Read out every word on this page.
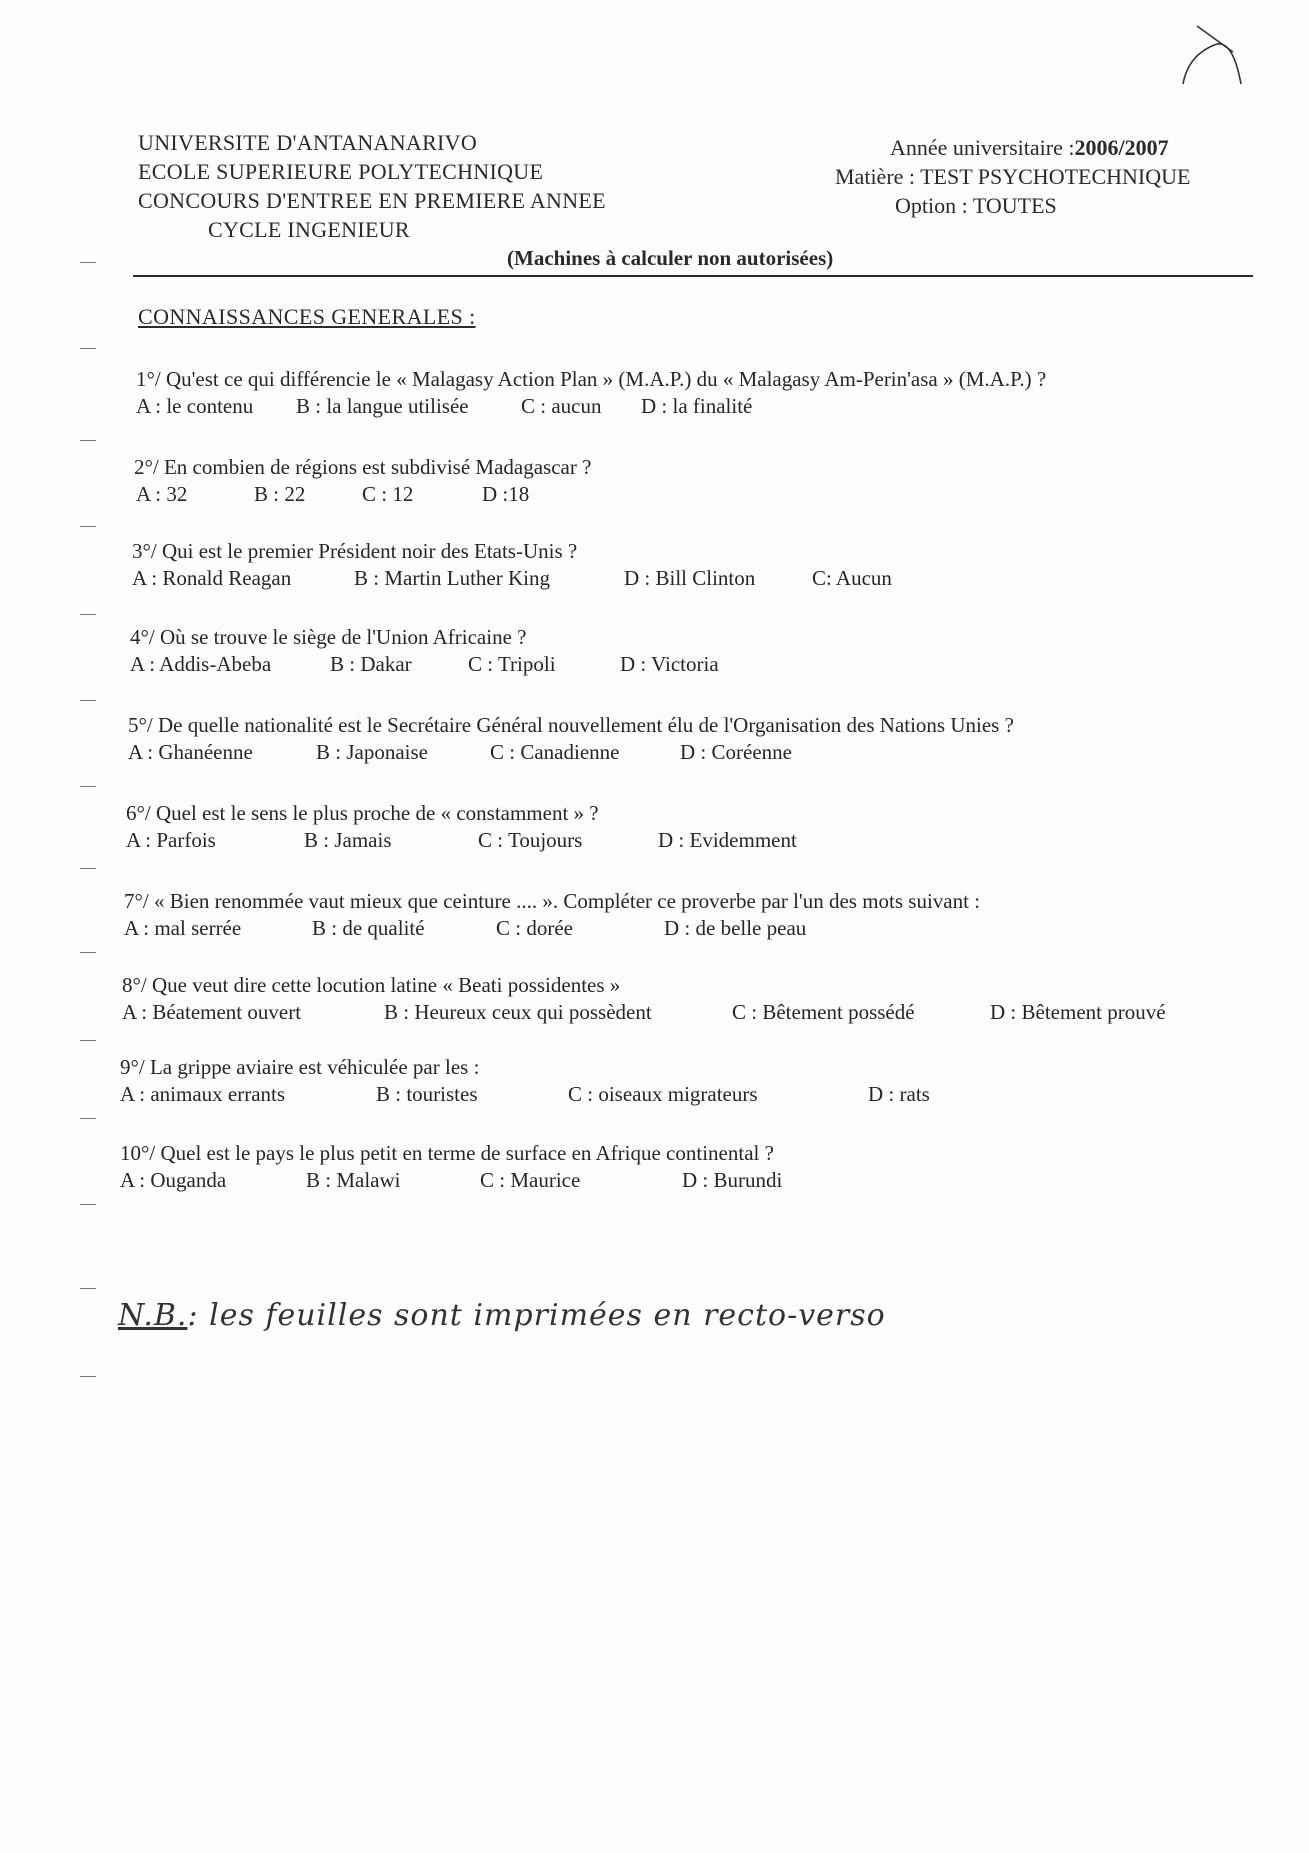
UNIVERSITE D'ANTANANARIVO
ECOLE SUPERIEURE POLYTECHNIQUE
CONCOURS D'ENTREE EN PREMIERE ANNEE
CYCLE INGENIEUR
Année universitaire :2006/2007
Matière : TEST PSYCHOTECHNIQUE
Option : TOUTES
(Machines à calculer non autorisées)
CONNAISSANCES GENERALES :
1°/ Qu'est ce qui différencie le « Malagasy Action Plan » (M.A.P.) du « Malagasy Am-Perin'asa » (M.A.P.) ?
A : le contenu B : la langue utilisée C : aucun D : la finalité
2°/ En combien de régions est subdivisé Madagascar ?
A : 32	B : 22	C : 12	D :18
3°/ Qui est le premier Président noir des Etats-Unis ?
A : Ronald Reagan	B : Martin Luther King	D : Bill Clinton	C: Aucun
4°/ Où se trouve le siège de l'Union Africaine ?
A : Addis-Abeba	B : Dakar	C : Tripoli	D : Victoria
5°/ De quelle nationalité est le Secrétaire Général nouvellement élu de l'Organisation des Nations Unies ?
A : Ghanéenne	B : Japonaise	C : Canadienne	D : Coréenne
6°/ Quel est le sens le plus proche de « constamment » ?
A : Parfois	B : Jamais	C : Toujours	D : Evidemment
7°/ « Bien renommée vaut mieux que ceinture .... ». Compléter ce proverbe par l'un des mots suivant :
A : mal serrée	B : de qualité	C : dorée	D : de belle peau
8°/ Que veut dire cette locution latine « Beati possidentes »
A : Béatement ouvert	B : Heureux ceux qui possèdent	C : Bêtement possédé	D : Bêtement prouvé
9°/ La grippe aviaire est véhiculée par les :
A : animaux errants	B : touristes	C : oiseaux migrateurs	D : rats
10°/ Quel est le pays le plus petit en terme de surface en Afrique continental ?
A : Ouganda	B : Malawi	C : Maurice	D : Burundi
N.B.: les feuilles sont imprimées en recto-verso
